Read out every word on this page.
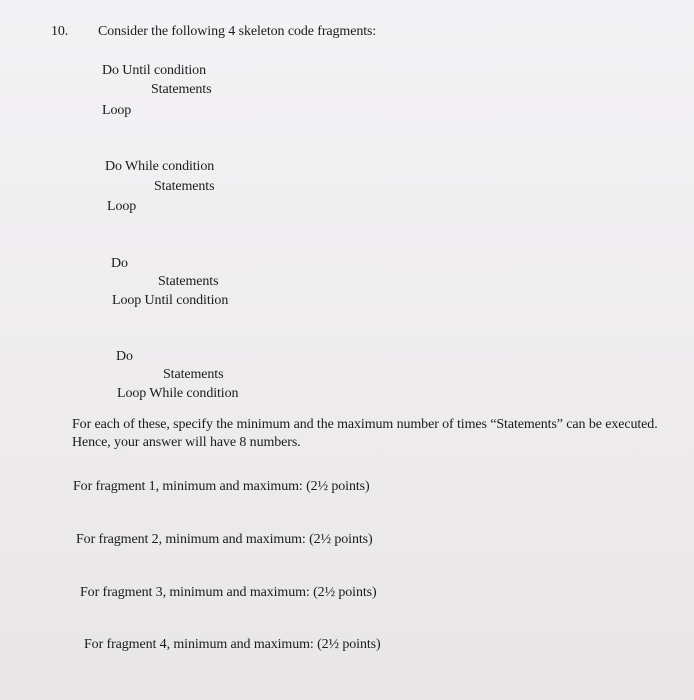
10. Consider the following 4 skeleton code fragments:
Do Until condition
Statements
Loop
Do While condition
Statements
Loop
Do
Statements
Loop Until condition
Do
Statements
Loop While condition
For each of these, specify the minimum and the maximum number of times “Statements” can be executed. Hence, your answer will have 8 numbers.
For fragment 1, minimum and maximum: (2½ points)
For fragment 2, minimum and maximum: (2½ points)
For fragment 3, minimum and maximum: (2½ points)
For fragment 4, minimum and maximum: (2½ points)
